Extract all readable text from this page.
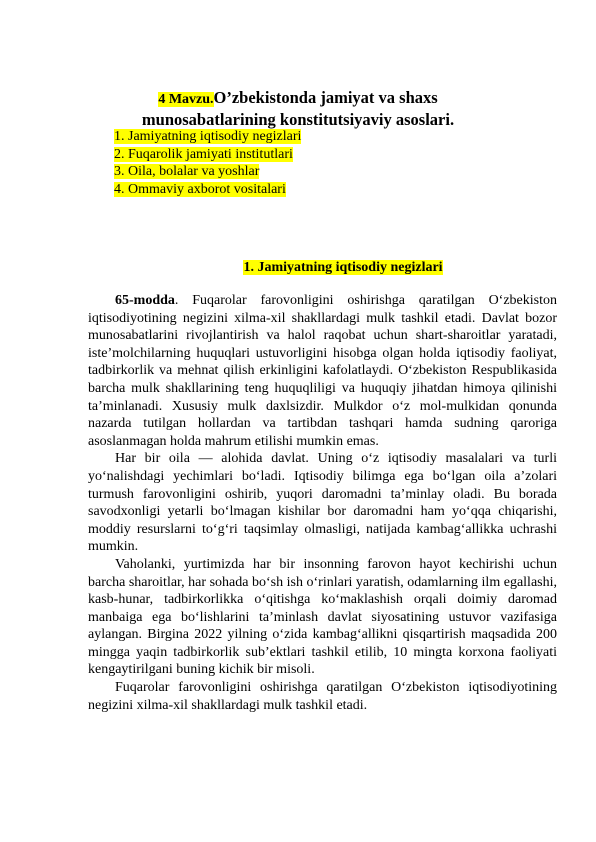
4 Mavzu.O’zbekistonda jamiyat va shaxs
munosabatlarining konstitutsiyaviy asoslari.
1. Jamiyatning iqtisodiy negizlari
2. Fuqarolik jamiyati institutlari
3. Oila, bolalar va yoshlar
4. Ommaviy axborot vositalari
1. Jamiyatning iqtisodiy negizlari

65-modda. Fuqarolar farovonligini oshirishga qaratilgan O‘zbekiston iqtisodiyotining negizini xilma-xil shakllardagi mulk tashkil etadi. Davlat bozor munosabatlarini rivojlantirish va halol raqobat uchun shart-sharoitlar yaratadi, iste’molchilarning huquqlari ustuvorligini hisobga olgan holda iqtisodiy faoliyat, tadbirkorlik va mehnat qilish erkinligini kafolatlaydi. O‘zbekiston Respublikasida barcha mulk shakllarining teng huquqliligi va huquqiy jihatdan himoya qilinishi ta’minlanadi. Xususiy mulk daxlsizdir. Mulkdor o‘z mol-mulkidan qonunda nazarda tutilgan hollardan va tartibdan tashqari hamda sudning qaroriga asoslanmagan holda mahrum etilishi mumkin emas.

Har bir oila — alohida davlat. Uning o‘z iqtisodiy masalalari va turli yo‘nalishdagi yechimlari bo‘ladi. Iqtisodiy bilimga ega bo‘lgan oila a’zolari turmush farovonligini oshirib, yuqori daromadni ta’minlay oladi. Bu borada savodxonligi yetarli bo‘lmagan kishilar bor daromadni ham yo‘qqa chiqarishi, moddiy resurslarni to‘g‘ri taqsimlay olmasligi, natijada kambag‘allikka uchrashi mumkin.

Vaholanki, yurtimizda har bir insonning farovon hayot kechirishi uchun barcha sharoitlar, har sohada bo‘sh ish o‘rinlari yaratish, odamlarning ilm egallashi, kasb-hunar, tadbirkorlikka o‘qitishga ko‘maklashish orqali doimiy daromad manbaiga ega bo‘lishlarini ta’minlash davlat siyosatining ustuvor vazifasiga aylangan. Birgina 2022 yilning o‘zida kambag‘allikni qisqartirish maqsadida 200 mingga yaqin tadbirkorlik sub’ektlari tashkil etilib, 10 mingta korxona faoliyati kengaytirilgani buning kichik bir misoli.

Fuqarolar farovonligini oshirishga qaratilgan O‘zbekiston iqtisodiyotining negizini xilma-xil shakllardagi mulk tashkil etadi.
